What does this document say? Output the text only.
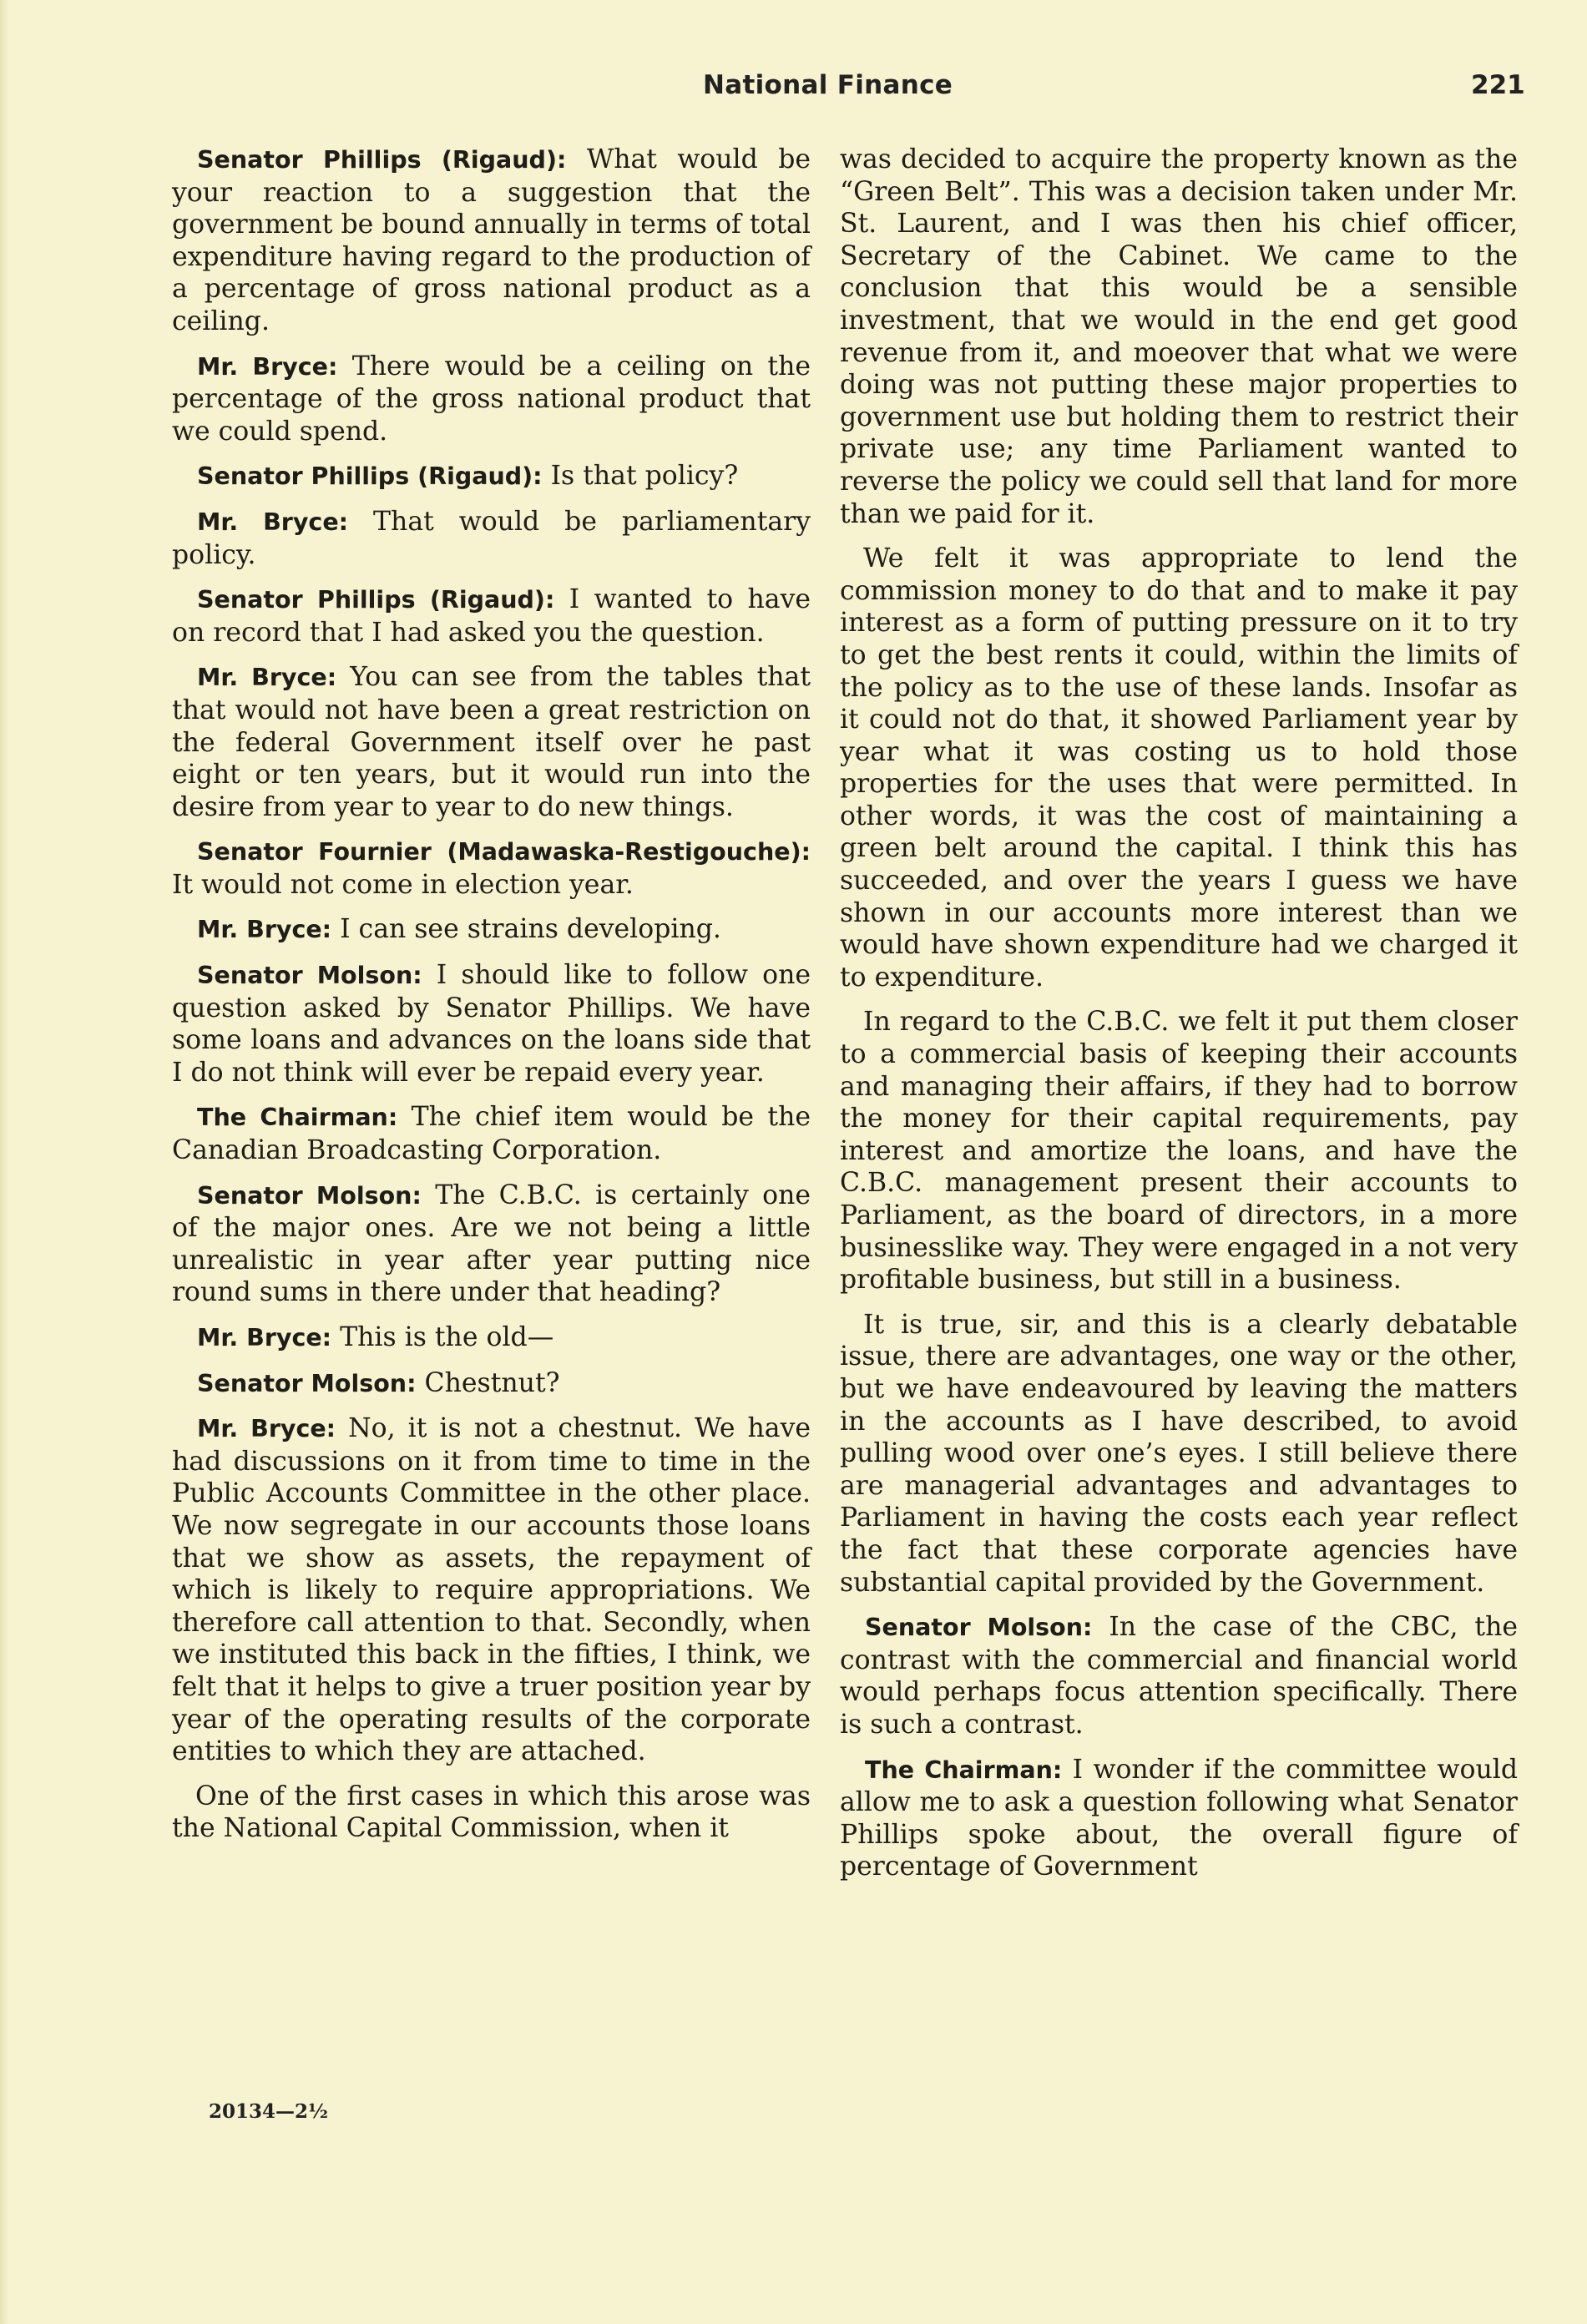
National Finance	221

Senator Phillips (Rigaud): What would be your reaction to a suggestion that the government be bound annually in terms of total expenditure having regard to the production of a percentage of gross national product as a ceiling.

Mr. Bryce: There would be a ceiling on the percentage of the gross national product that we could spend.

Senator Phillips (Rigaud): Is that policy?

Mr. Bryce: That would be parliamentary policy.

Senator Phillips (Rigaud): I wanted to have on record that I had asked you the question.

Mr. Bryce: You can see from the tables that that would not have been a great restriction on the federal Government itself over he past eight or ten years, but it would run into the desire from year to year to do new things.

Senator Fournier (Madawaska-Restigouche): It would not come in election year.

Mr. Bryce: I can see strains developing.

Senator Molson: I should like to follow one question asked by Senator Phillips. We have some loans and advances on the loans side that I do not think will ever be repaid every year.

The Chairman: The chief item would be the Canadian Broadcasting Corporation.

Senator Molson: The C.B.C. is certainly one of the major ones. Are we not being a little unrealistic in year after year putting nice round sums in there under that heading?

Mr. Bryce: This is the old—

Senator Molson: Chestnut?

Mr. Bryce: No, it is not a chestnut. We have had discussions on it from time to time in the Public Accounts Committee in the other place. We now segregate in our accounts those loans that we show as assets, the repayment of which is likely to require appropriations. We therefore call attention to that. Secondly, when we instituted this back in the fifties, I think, we felt that it helps to give a truer position year by year of the operating results of the corporate entities to which they are attached.

One of the first cases in which this arose was the National Capital Commission, when it

was decided to acquire the property known as the “Green Belt”. This was a decision taken under Mr. St. Laurent, and I was then his chief officer, Secretary of the Cabinet. We came to the conclusion that this would be a sensible investment, that we would in the end get good revenue from it, and moeover that what we were doing was not putting these major properties to government use but holding them to restrict their private use; any time Parliament wanted to reverse the policy we could sell that land for more than we paid for it.

We felt it was appropriate to lend the commission money to do that and to make it pay interest as a form of putting pressure on it to try to get the best rents it could, within the limits of the policy as to the use of these lands. Insofar as it could not do that, it showed Parliament year by year what it was costing us to hold those properties for the uses that were permitted. In other words, it was the cost of maintaining a green belt around the capital. I think this has succeeded, and over the years I guess we have shown in our accounts more interest than we would have shown expenditure had we charged it to expenditure.

In regard to the C.B.C. we felt it put them closer to a commercial basis of keeping their accounts and managing their affairs, if they had to borrow the money for their capital requirements, pay interest and amortize the loans, and have the C.B.C. management present their accounts to Parliament, as the board of directors, in a more businesslike way. They were engaged in a not very profitable business, but still in a business.

It is true, sir, and this is a clearly debatable issue, there are advantages, one way or the other, but we have endeavoured by leaving the matters in the accounts as I have described, to avoid pulling wood over one’s eyes. I still believe there are managerial advantages and advantages to Parliament in having the costs each year reflect the fact that these corporate agencies have substantial capital provided by the Government.

Senator Molson: In the case of the CBC, the contrast with the commercial and financial world would perhaps focus attention specifically. There is such a contrast.

The Chairman: I wonder if the committee would allow me to ask a question following what Senator Phillips spoke about, the overall figure of percentage of Government

20134—2½
